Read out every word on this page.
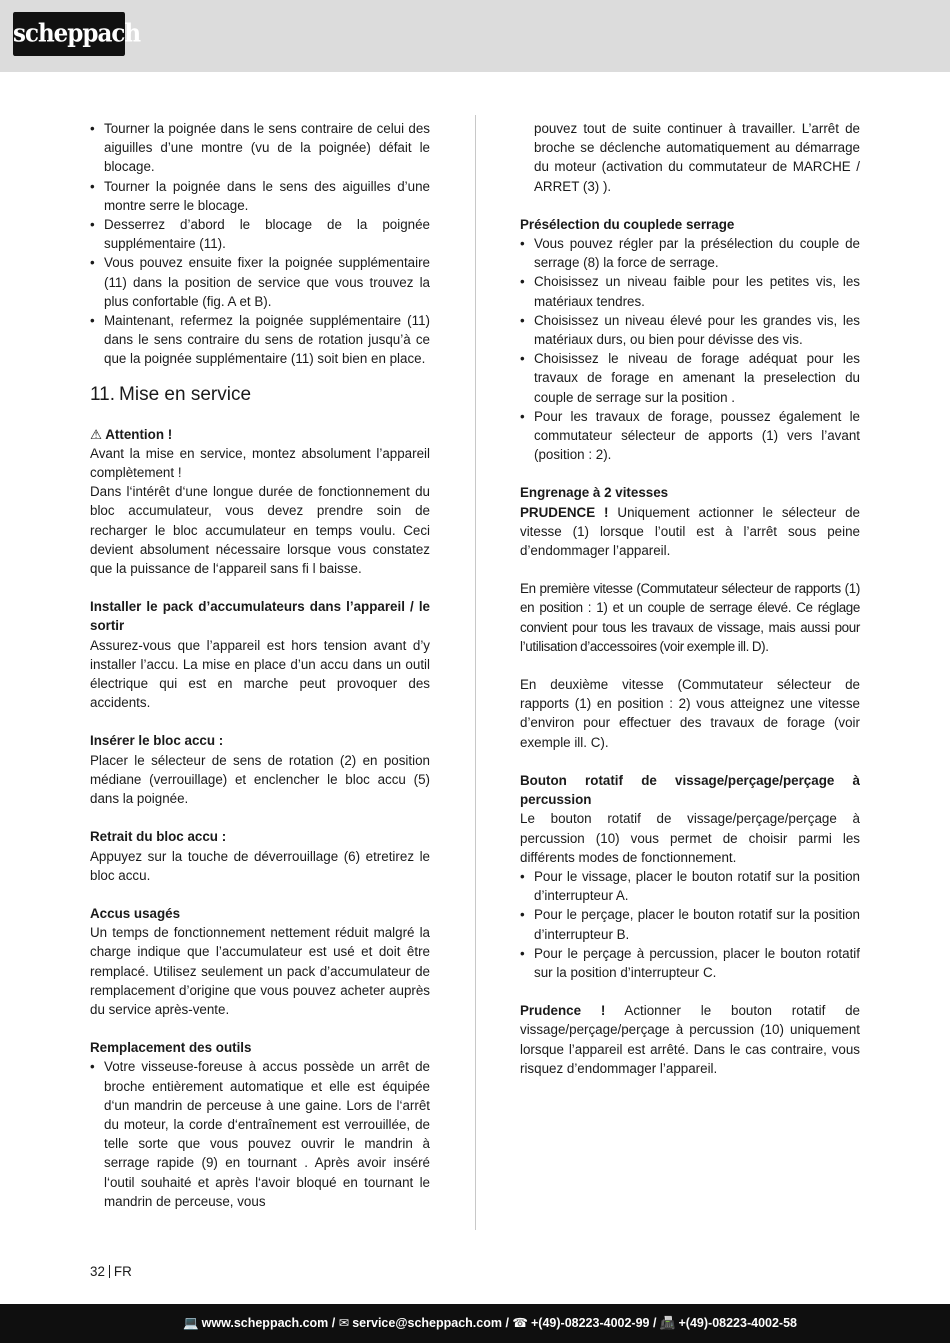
scheppach
• Tourner la poignée dans le sens contraire de celui des aiguilles d’une montre (vu de la poignée) défait le blocage.
• Tourner la poignée dans le sens des aiguilles d’une montre serre le blocage.
• Desserrez d’abord le blocage de la poignée supplémentaire (11).
• Vous pouvez ensuite fixer la poignée supplémentaire (11) dans la position de service que vous trouvez la plus confortable (fig. A et B).
• Maintenant, refermez la poignée supplémentaire (11) dans le sens contraire du sens de rotation jusqu’à ce que la poignée supplémentaire (11) soit bien en place.
11. Mise en service

⚠ Attention !

Avant la mise en service, montez absolument l’appareil complètement !

Dans l‘intérêt d‘une longue durée de fonctionnement du bloc accumulateur, vous devez prendre soin de recharger le bloc accumulateur en temps voulu. Ceci devient absolument nécessaire lorsque vous constatez que la puissance de l‘appareil sans fi l baisse.

Installer le pack d’accumulateurs dans l’appareil / le sortir

Assurez-vous que l’appareil est hors tension avant d’y installer l’accu. La mise en place d’un accu dans un outil électrique qui est en marche peut provoquer des accidents.

Insérer le bloc accu :

Placer le sélecteur de sens de rotation (2) en position médiane (verrouillage) et enclencher le bloc accu (5) dans la poignée.

Retrait du bloc accu :

Appuyez sur la touche de déverrouillage (6) etretirez le bloc accu.

Accus usagés

Un temps de fonctionnement nettement réduit malgré la charge indique que l’accumulateur est usé et doit être remplacé. Utilisez seulement un pack d’accumulateur de remplacement d’origine que vous pouvez acheter auprès du service après-vente.

Remplacement des outils

• Votre visseuse-foreuse à accus possède un arrêt de broche entièrement automatique et elle est équipée d‘un mandrin de perceuse à une gaine. Lors de l‘arrêt du moteur, la corde d‘entraînement est verrouillée, de telle sorte que vous pouvez ouvrir le mandrin à serrage rapide (9) en tournant . Après avoir inséré l‘outil souhaité et après l‘avoir bloqué en tournant le mandrin de perceuse, vous

pouvez tout de suite continuer à travailler. L’arrêt de broche se déclenche automatiquement au démarrage du moteur (activation du commutateur de MARCHE / ARRET (3) ).

Présélection du couplede serrage

• Vous pouvez régler par la présélection du couple de serrage (8) la force de serrage.
• Choisissez un niveau faible pour les petites vis, les matériaux tendres.
• Choisissez un niveau élevé pour les grandes vis, les matériaux durs, ou bien pour dévisse des vis.
• Choisissez le niveau de forage adéquat pour les travaux de forage en amenant la preselection du couple de serrage sur la position .
• Pour les travaux de forage, poussez également le commutateur sélecteur de apports (1) vers l’avant (position : 2).

Engrenage à 2 vitesses

PRUDENCE ! Uniquement actionner le sélecteur de vitesse (1) lorsque l’outil est à l’arrêt sous peine d’endommager l’appareil.

En première vitesse (Commutateur sélecteur de rapports (1) en position : 1) et un couple de serrage élevé. Ce réglage convient pour tous les travaux de vissage, mais aussi pour l’utilisation d’accessoires (voir exemple ill. D).

En deuxième vitesse (Commutateur sélecteur de rapports (1) en position : 2) vous atteignez une vitesse d’environ pour effectuer des travaux de forage (voir exemple ill. C).

Bouton rotatif de vissage/perçage/perçage à percussion

Le bouton rotatif de vissage/perçage/perçage à percussion (10) vous permet de choisir parmi les différents modes de fonctionnement.

• Pour le vissage, placer le bouton rotatif sur la position d’interrupteur A.
• Pour le perçage, placer le bouton rotatif sur la position d’interrupteur B.
• Pour le perçage à percussion, placer le bouton rotatif sur la position d’interrupteur C.

Prudence ! Actionner le bouton rotatif de vissage/perçage/perçage à percussion (10) uniquement lorsque l’appareil est arrêté. Dans le cas contraire, vous risquez d’endommager l’appareil.

32 FR
💻 www.scheppach.com / ✉ service@scheppach.com / ☎ +(49)-08223-4002-99 / 📠 +(49)-08223-4002-58
